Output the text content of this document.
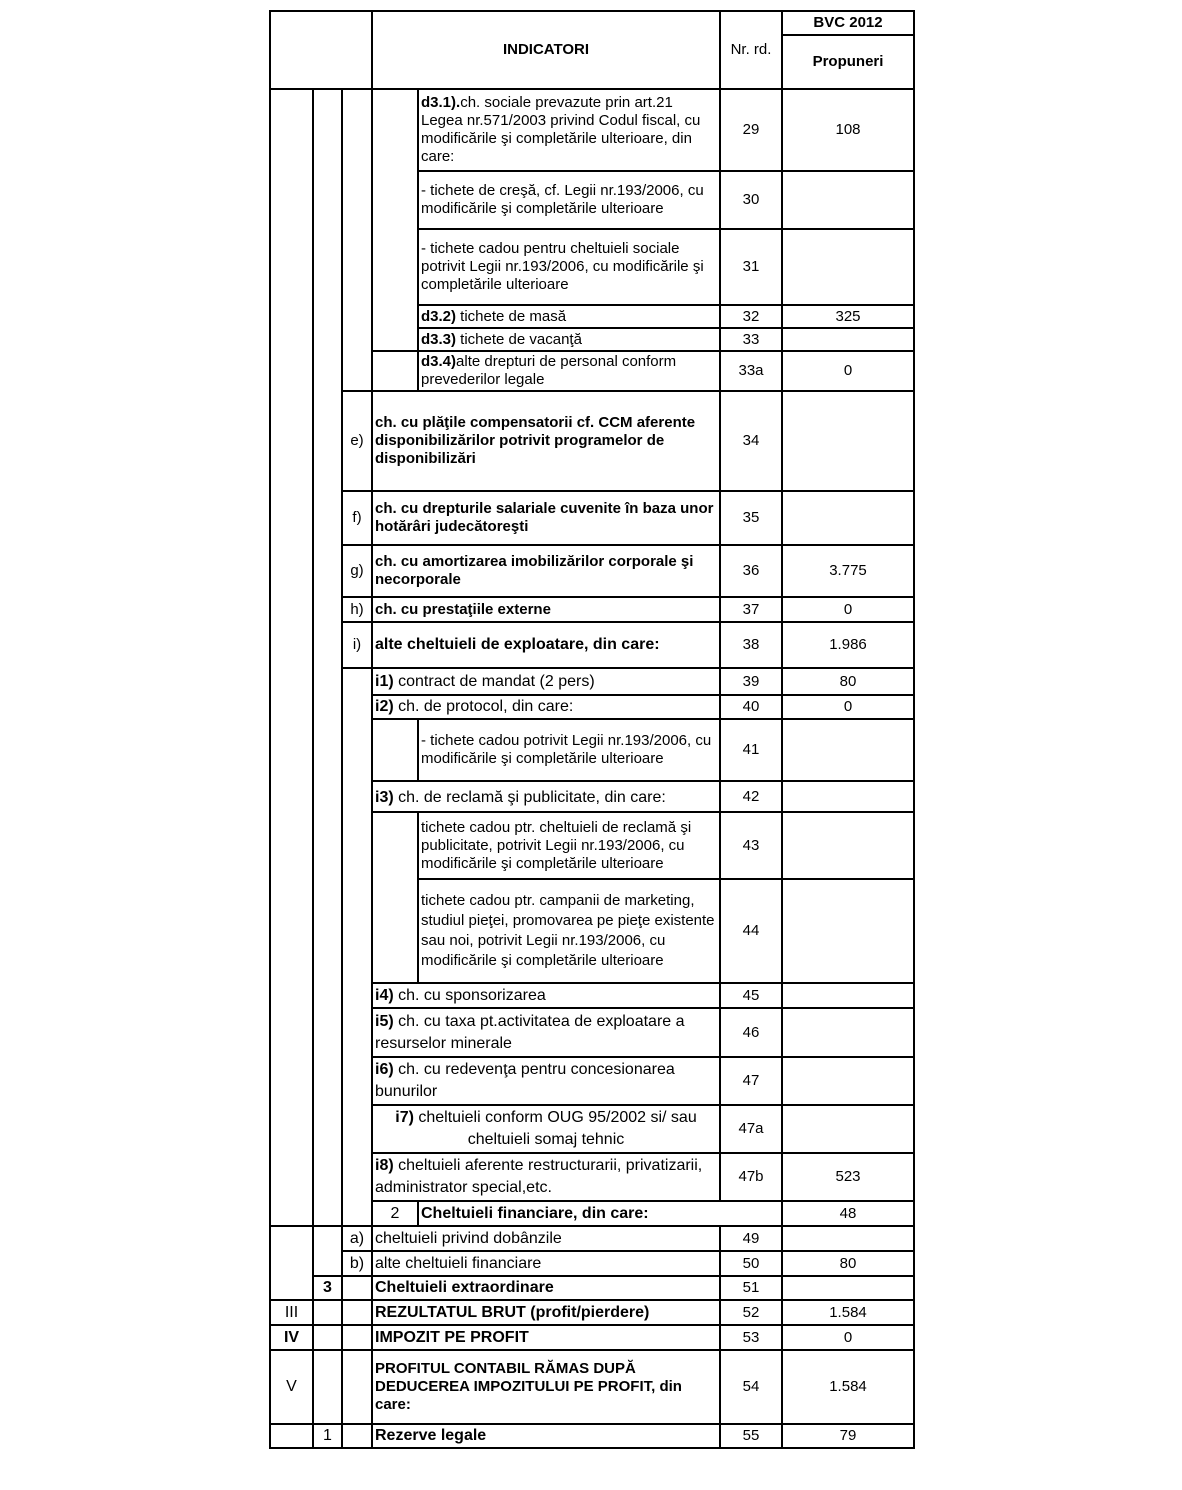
			INDICATORI		Nr. rd.	BVC 2012	
						Propuneri	
				d3.1).ch. sociale prevazute prin art.21 Legea nr.571/2003 privind Codul fiscal, cu modificările şi completările ulterioare, din care:	29	108	
				- tichete de creşă, cf. Legii nr.193/2006, cu modificările şi completările ulterioare	30		
				- tichete cadou pentru cheltuieli sociale potrivit Legii nr.193/2006, cu modificările şi completările ulterioare	31		
				d3.2) tichete de masă	32	325	
				d3.3) tichete de vacanţă	33		
				d3.4)alte drepturi de personal conform prevederilor legale	33a	0	
		e)	ch. cu plăţile compensatorii cf. CCM aferente disponibilizărilor potrivit programelor de disponibilizări		34		
		f)	ch. cu drepturile salariale cuvenite în baza unor hotărâri judecătoreşti		35		
		g)	ch. cu amortizarea imobilizărilor corporale şi necorporale		36	3.775	
		h)	ch. cu prestaţiile externe		37	0	
		i)	alte cheltuieli de exploatare, din care:		38	1.986	
			i1) contract de mandat (2 pers)		39	80	
			i2) ch. de protocol, din care:		40	0	
				- tichete cadou potrivit Legii nr.193/2006, cu modificările şi completările ulterioare	41		
			i3) ch. de reclamă şi publicitate, din care:		42		
				tichete cadou ptr. cheltuieli de reclamă şi publicitate, potrivit Legii nr.193/2006, cu modificările şi completările ulterioare	43		
				tichete cadou ptr. campanii de marketing, studiul pieţei, promovarea pe pieţe existente sau noi, potrivit Legii nr.193/2006, cu modificările şi completările ulterioare	44		
			i4) ch. cu sponsorizarea		45		
			i5) ch. cu taxa pt.activitatea de exploatare a resurselor minerale		46		
			i6) ch. cu redevenţa pentru concesionarea bunurilor		47		
			i7) cheltuieli conform OUG 95/2002 si/ sau cheltuieli somaj tehnic		47a		
			i8) cheltuieli aferente restructurarii, privatizarii, administrator special,etc.		47b	523	
			2	Cheltuieli financiare, din care:		48	
		a)	cheltuieli privind dobânzile	49	
		b)	alte cheltuieli financiare	50	80
	3		Cheltuieli extraordinare	51	
III			REZULTATUL BRUT (profit/pierdere)	52	1.584
IV			IMPOZIT PE PROFIT	53	0
V			PROFITUL CONTABIL RĂMAS DUPĂ DEDUCEREA IMPOZITULUI PE PROFIT, din care:	54	1.584
	1		Rezerve legale	55	79
